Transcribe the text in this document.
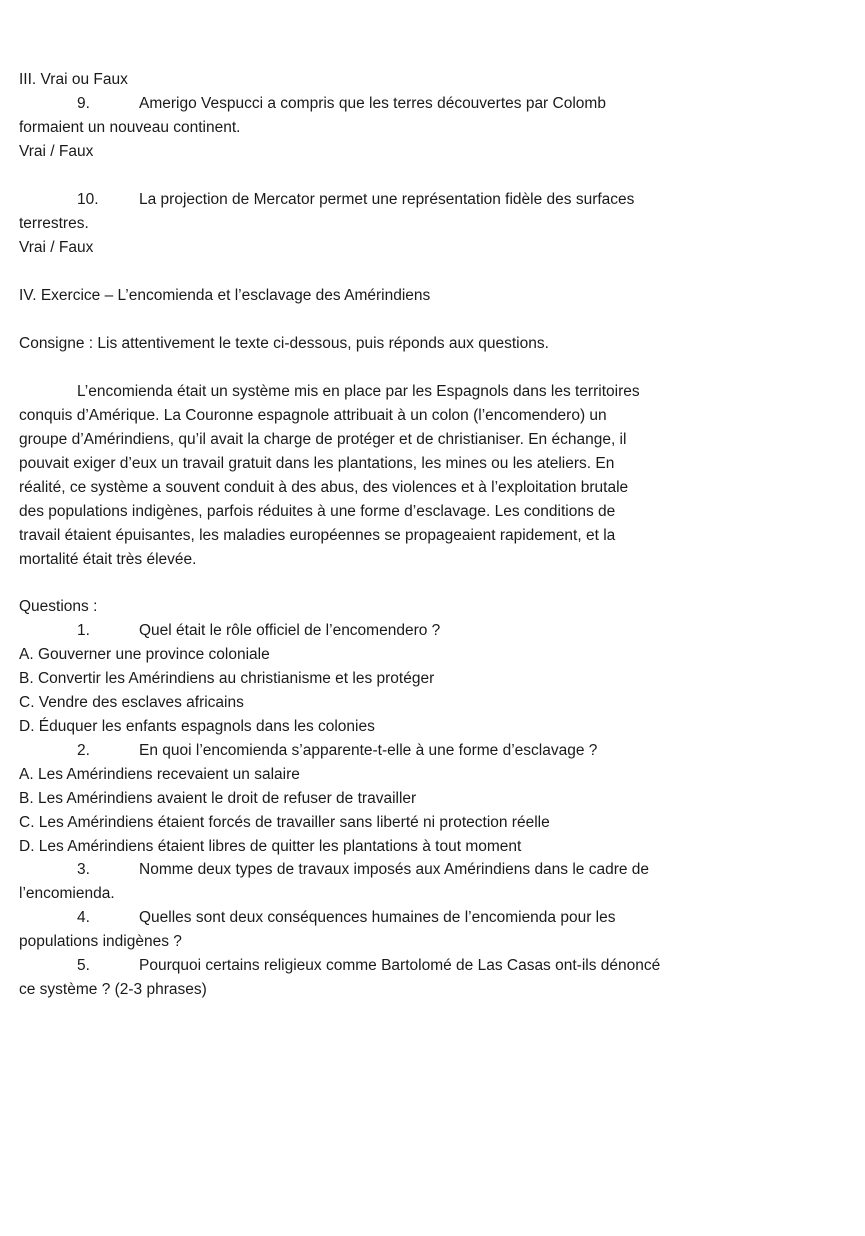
III. Vrai ou Faux
9.	Amerigo Vespucci a compris que les terres découvertes par Colomb
formaient un nouveau continent.
Vrai / Faux
10.	La projection de Mercator permet une représentation fidèle des surfaces
terrestres.
Vrai / Faux
IV. Exercice – L’encomienda et l’esclavage des Amérindiens
Consigne : Lis attentivement le texte ci-dessous, puis réponds aux questions.
L’encomienda était un système mis en place par les Espagnols dans les territoires
conquis d’Amérique. La Couronne espagnole attribuait à un colon (l’encomendero) un
groupe d’Amérindiens, qu’il avait la charge de protéger et de christianiser. En échange, il
pouvait exiger d’eux un travail gratuit dans les plantations, les mines ou les ateliers. En
réalité, ce système a souvent conduit à des abus, des violences et à l’exploitation brutale
des populations indigènes, parfois réduites à une forme d’esclavage. Les conditions de
travail étaient épuisantes, les maladies européennes se propageaient rapidement, et la
mortalité était très élevée.
Questions :
1.	Quel était le rôle officiel de l’encomendero ?
A. Gouverner une province coloniale
B. Convertir les Amérindiens au christianisme et les protéger
C. Vendre des esclaves africains
D. Éduquer les enfants espagnols dans les colonies
2.	En quoi l’encomienda s’apparente-t-elle à une forme d’esclavage ?
A. Les Amérindiens recevaient un salaire
B. Les Amérindiens avaient le droit de refuser de travailler
C. Les Amérindiens étaient forcés de travailler sans liberté ni protection réelle
D. Les Amérindiens étaient libres de quitter les plantations à tout moment
3.	Nomme deux types de travaux imposés aux Amérindiens dans le cadre de
l’encomienda.
4.	Quelles sont deux conséquences humaines de l’encomienda pour les
populations indigènes ?
5.	Pourquoi certains religieux comme Bartolomé de Las Casas ont-ils dénoncé
ce système ? (2-3 phrases)
